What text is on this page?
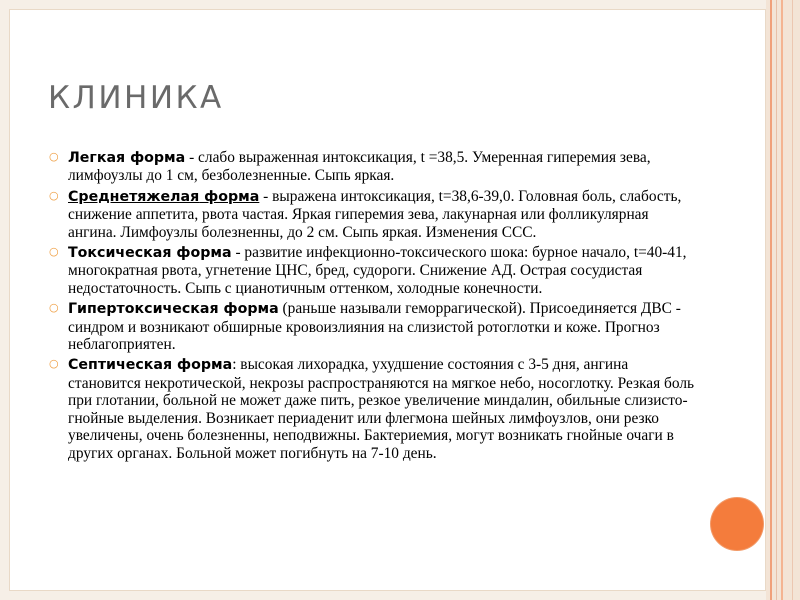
КЛИНИКА
○ Легкая форма - слабо выраженная интоксикация, t =38,5. Умеренная гиперемия зева, лимфоузлы до 1 см, безболезненные. Сыпь яркая.
○ Среднетяжелая форма - выражена интоксикация, t=38,6-39,0. Головная боль, слабость, снижение аппетита, рвота частая. Яркая гиперемия зева, лакунарная или фолликулярная ангина. Лимфоузлы болезненны, до 2 см. Сыпь яркая. Изменения ССС.
○ Токсическая форма - развитие инфекционно-токсического шока: бурное начало, t=40-41, многократная рвота, угнетение ЦНС, бред, судороги. Снижение АД. Острая сосудистая недостаточность. Сыпь с цианотичным оттенком, холодные конечности.
○ Гипертоксическая форма (раньше называли геморрагической). Присоединяется ДВС - синдром и возникают обширные кровоизлияния на слизистой ротоглотки и коже. Прогноз неблагоприятен.
○ Септическая форма: высокая лихорадка, ухудшение состояния с 3-5 дня, ангина становится некротической, некрозы распространяются на мягкое небо, носоглотку. Резкая боль при глотании, больной не может даже пить, резкое увеличение миндалин, обильные слизисто-гнойные выделения. Возникает периаденит или флегмона шейных лимфоузлов, они резко увеличены, очень болезненны, неподвижны. Бактериемия, могут возникать гнойные очаги в других органах. Больной может погибнуть на 7-10 день.
